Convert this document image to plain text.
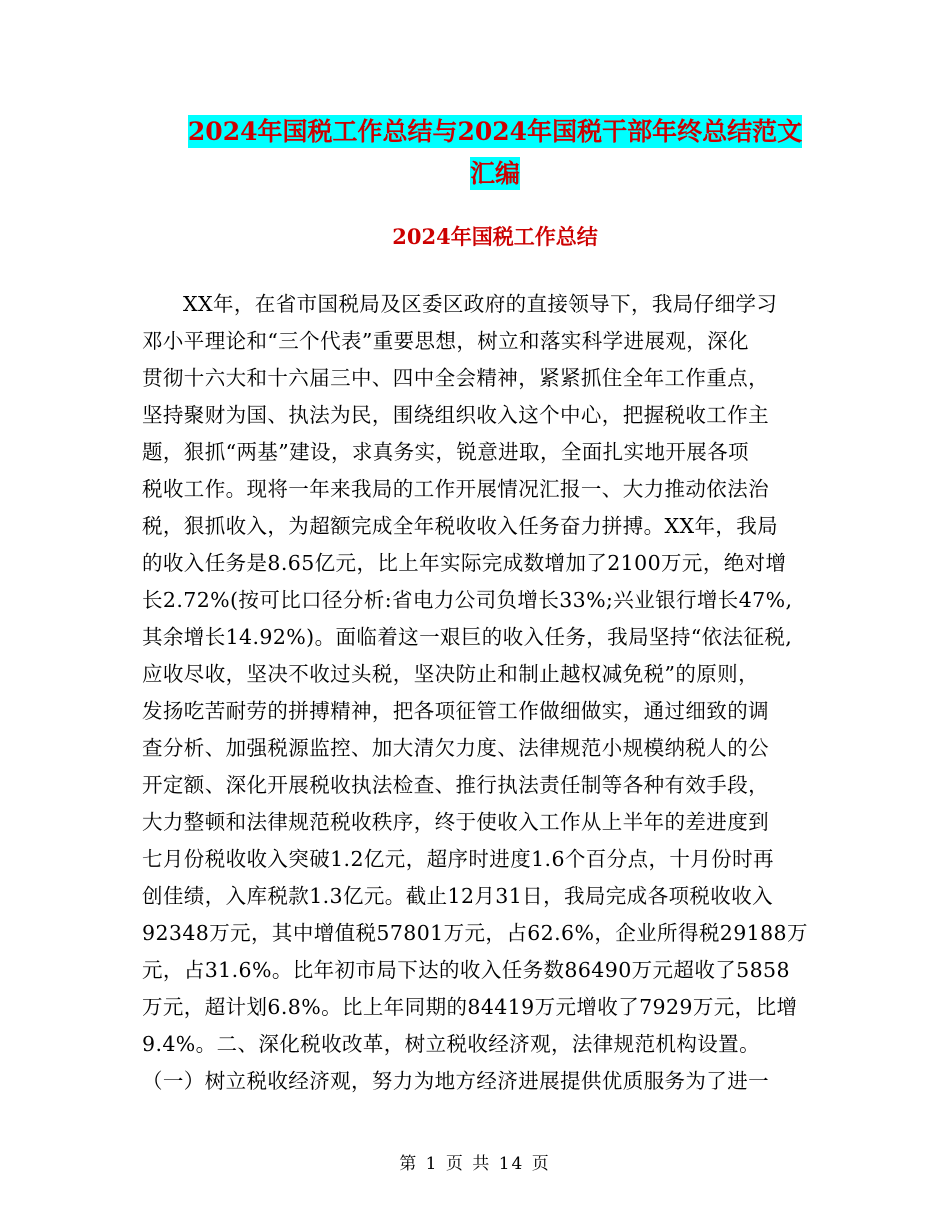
2024年国税工作总结与2024年国税干部年终总结范文
汇编
2024年国税工作总结
XX年，在省市国税局及区委区政府的直接领导下，我局仔细学习
邓小平理论和“三个代表”重要思想，树立和落实科学进展观，深化
贯彻十六大和十六届三中、四中全会精神，紧紧抓住全年工作重点，
坚持聚财为国、执法为民，围绕组织收入这个中心，把握税收工作主
题，狠抓“两基”建设，求真务实，锐意进取，全面扎实地开展各项
税收工作。现将一年来我局的工作开展情况汇报一、大力推动依法治
税，狠抓收入，为超额完成全年税收收入任务奋力拼搏。XX年，我局
的收入任务是8.65亿元，比上年实际完成数增加了2100万元，绝对增
长2.72%(按可比口径分析:省电力公司负增长33%;兴业银行增长47%,
其余增长14.92%)。面临着这一艰巨的收入任务，我局坚持“依法征税,
应收尽收，坚决不收过头税，坚决防止和制止越权减免税”的原则，
发扬吃苦耐劳的拼搏精神，把各项征管工作做细做实，通过细致的调
查分析、加强税源监控、加大清欠力度、法律规范小规模纳税人的公
开定额、深化开展税收执法检查、推行执法责任制等各种有效手段，
大力整顿和法律规范税收秩序，终于使收入工作从上半年的差进度到
七月份税收收入突破1.2亿元，超序时进度1.6个百分点，十月份时再
创佳绩，入库税款1.3亿元。截止12月31日，我局完成各项税收收入
92348万元，其中增值税57801万元，占62.6%，企业所得税29188万
元，占31.6%。比年初市局下达的收入任务数86490万元超收了5858
万元，超计划6.8%。比上年同期的84419万元增收了7929万元，比增
9.4%。二、深化税收改革，树立税收经济观，法律规范机构设置。
（一）树立税收经济观，努力为地方经济进展提供优质服务为了进一
第 1 页 共 14 页
